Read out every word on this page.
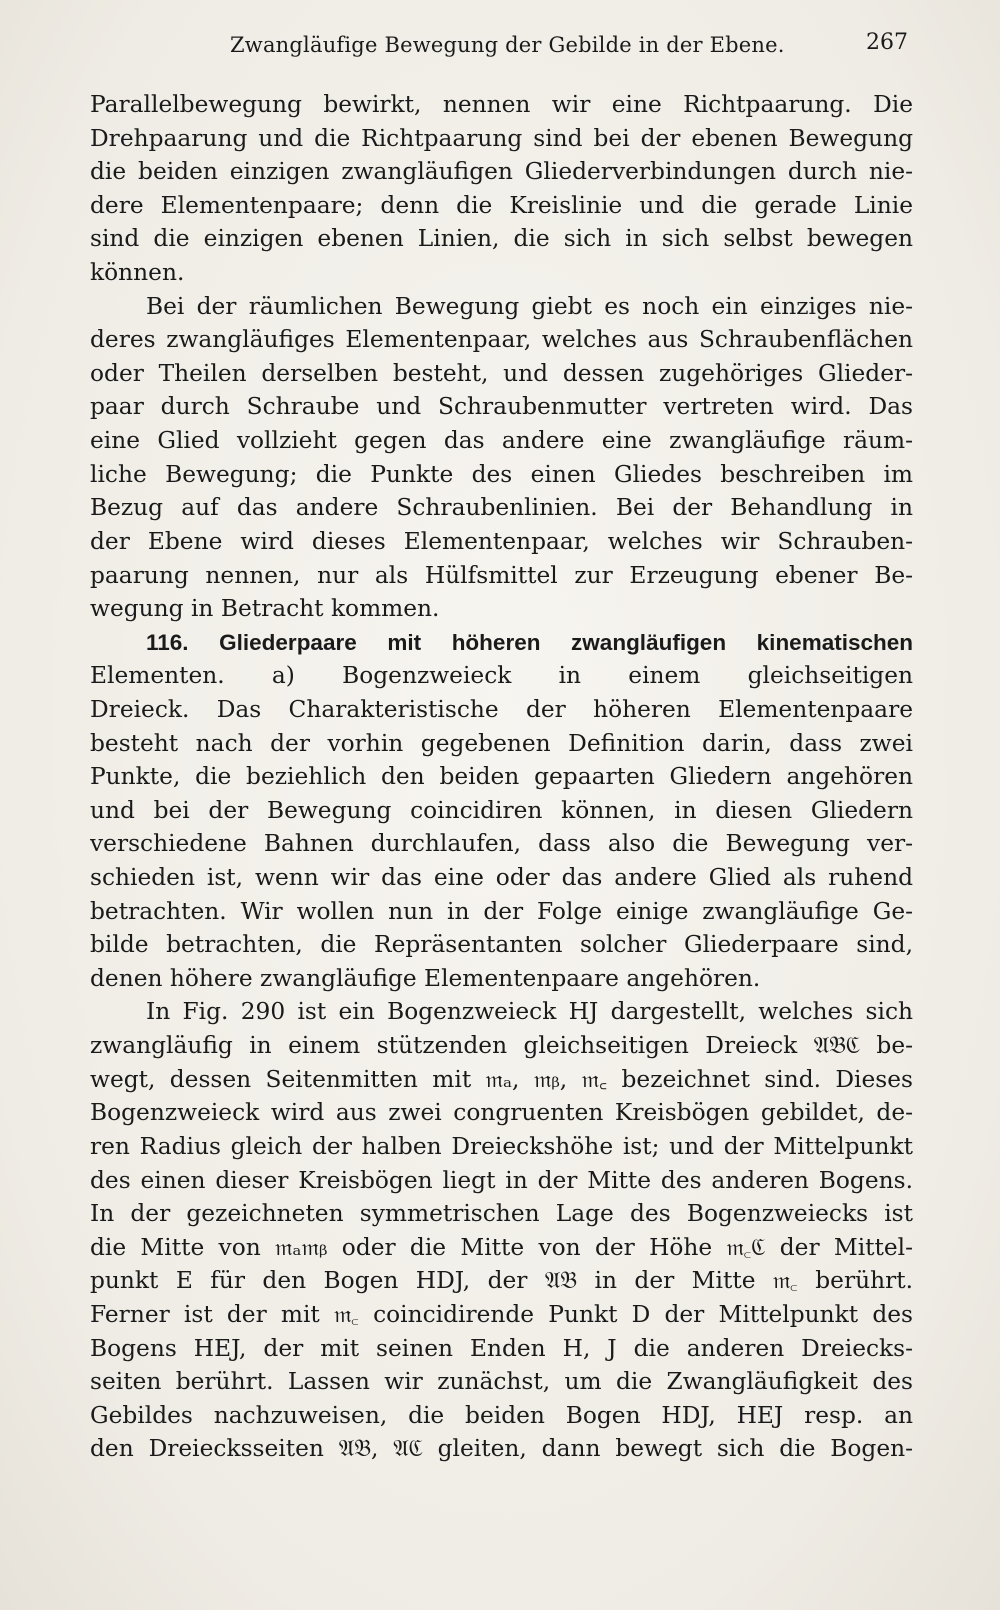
Zwangläufige Bewegung der Gebilde in der Ebene.	267
Parallelbewegung bewirkt, nennen wir eine Richtpaarung. Die
Drehpaarung und die Richtpaarung sind bei der ebenen Bewegung
die beiden einzigen zwangläufigen Gliederverbindungen durch nie-
dere Elementenpaare; denn die Kreislinie und die gerade Linie
sind die einzigen ebenen Linien, die sich in sich selbst bewegen
können.
Bei der räumlichen Bewegung giebt es noch ein einziges nie-
deres zwangläufiges Elementenpaar, welches aus Schraubenflächen
oder Theilen derselben besteht, und dessen zugehöriges Glieder-
paar durch Schraube und Schraubenmutter vertreten wird. Das
eine Glied vollzieht gegen das andere eine zwangläufige räum-
liche Bewegung; die Punkte des einen Gliedes beschreiben im
Bezug auf das andere Schraubenlinien. Bei der Behandlung in
der Ebene wird dieses Elementenpaar, welches wir Schrauben-
paarung nennen, nur als Hülfsmittel zur Erzeugung ebener Be-
wegung in Betracht kommen.
116. Gliederpaare mit höheren zwangläufigen kinematischen
Elementen. a) Bogenzweieck in einem gleichseitigen
Dreieck. Das Charakteristische der höheren Elementenpaare
besteht nach der vorhin gegebenen Definition darin, dass zwei
Punkte, die beziehlich den beiden gepaarten Gliedern angehören
und bei der Bewegung coincidiren können, in diesen Gliedern
verschiedene Bahnen durchlaufen, dass also die Bewegung ver-
schieden ist, wenn wir das eine oder das andere Glied als ruhend
betrachten. Wir wollen nun in der Folge einige zwangläufige Ge-
bilde betrachten, die Repräsentanten solcher Gliederpaare sind,
denen höhere zwangläufige Elementenpaare angehören.
In Fig. 290 ist ein Bogenzweieck HJ dargestellt, welches sich
zwangläufig in einem stützenden gleichseitigen Dreieck 𝔄𝔅ℭ be-
wegt, dessen Seitenmitten mit 𝔪ₐ, 𝔪ᵦ, 𝔪꜀ bezeichnet sind. Dieses
Bogenzweieck wird aus zwei congruenten Kreisbögen gebildet, de-
ren Radius gleich der halben Dreieckshöhe ist; und der Mittelpunkt
des einen dieser Kreisbögen liegt in der Mitte des anderen Bogens.
In der gezeichneten symmetrischen Lage des Bogenzweiecks ist
die Mitte von 𝔪ₐ𝔪ᵦ oder die Mitte von der Höhe 𝔪꜀ℭ der Mittel-
punkt E für den Bogen HDJ, der 𝔄𝔅 in der Mitte 𝔪꜀ berührt.
Ferner ist der mit 𝔪꜀ coincidirende Punkt D der Mittelpunkt des
Bogens HEJ, der mit seinen Enden H, J die anderen Dreiecks-
seiten berührt. Lassen wir zunächst, um die Zwangläufigkeit des
Gebildes nachzuweisen, die beiden Bogen HDJ, HEJ resp. an
den Dreiecksseiten 𝔄𝔅, 𝔄ℭ gleiten, dann bewegt sich die Bogen-
